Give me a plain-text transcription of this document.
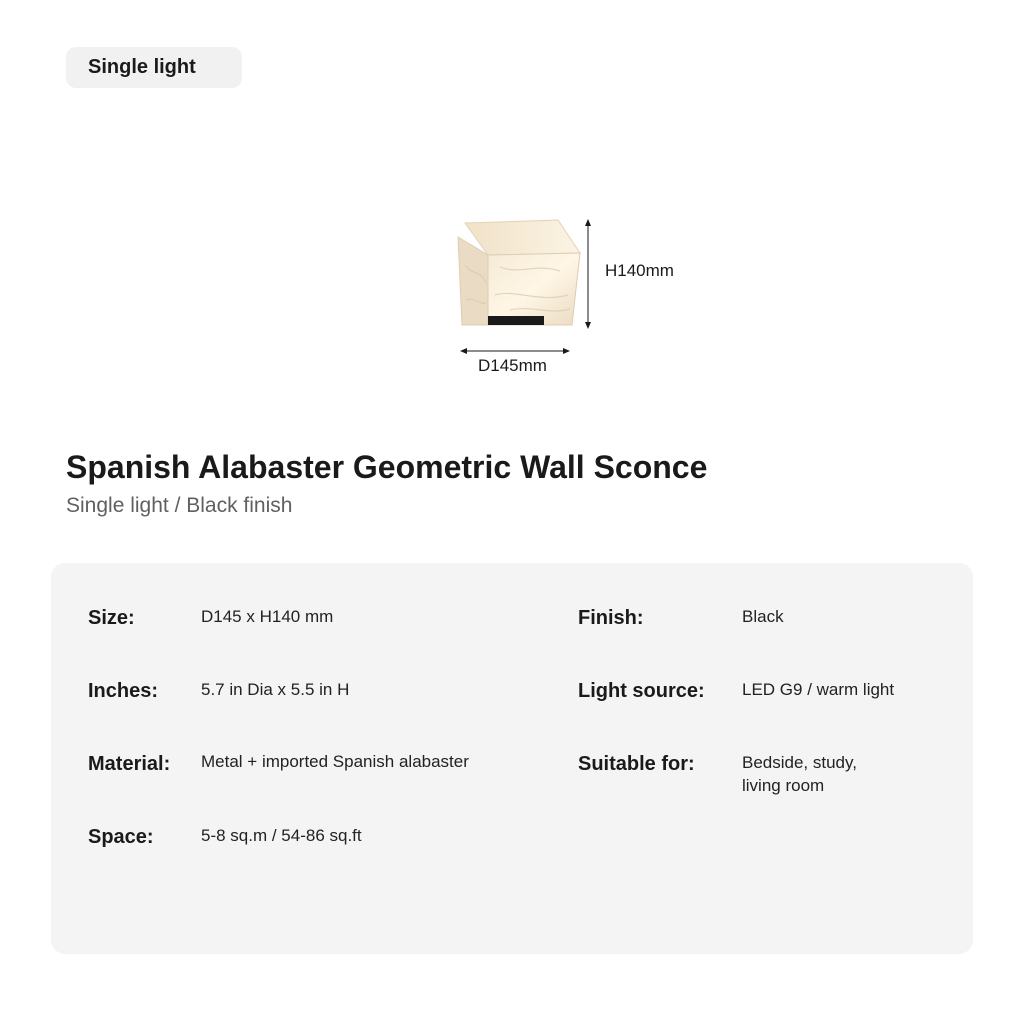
Single light
H140mm
D145mm
Spanish Alabaster Geometric Wall Sconce
Single light / Black finish
Size:	D145 x H140 mm
Inches:	5.7 in Dia x 5.5 in H
Material: Metal + imported Spanish alabaster
Space:	5-8 sq.m / 54-86 sq.ft
Finish:	Black
Light source: LED G9 / warm light
Suitable for:	Bedside, study,
living room
